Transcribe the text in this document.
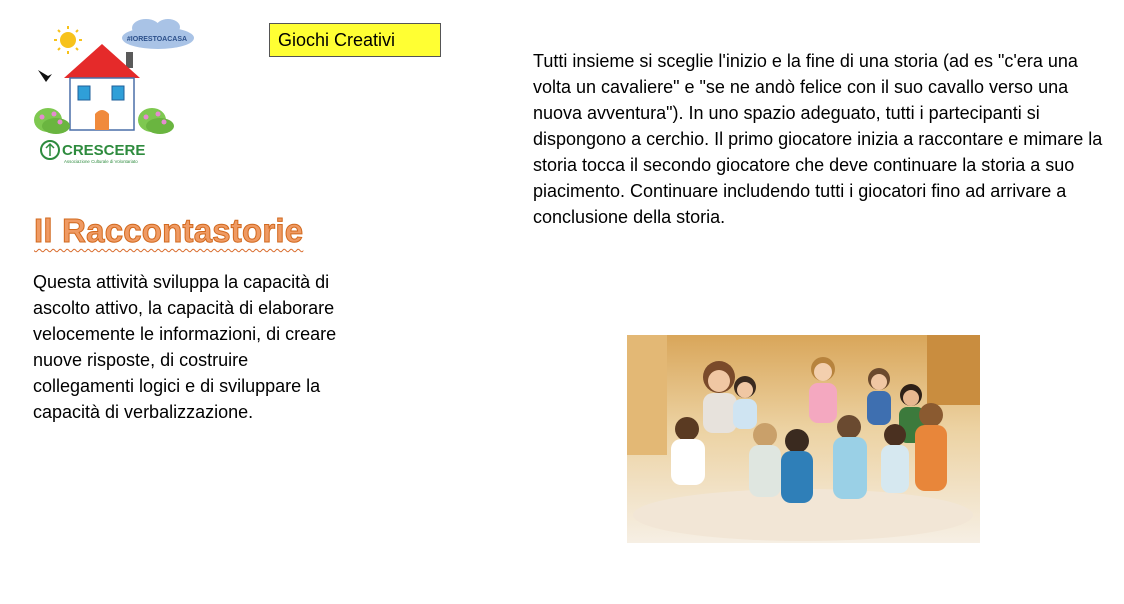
#IORESTOACASA
CRESCERE
Associazione Culturale di Volontariato
Giochi Creativi
Il Raccontastorie
Questa attività sviluppa la capacità di ascolto attivo, la capacità di elaborare velocemente le informazioni, di creare nuove risposte, di costruire collegamenti logici e di sviluppare la capacità di verbalizzazione.
Tutti insieme si sceglie l'inizio e la fine di una storia (ad es "c'era una volta un cavaliere" e "se ne andò felice con il suo cavallo verso una nuova avventura"). In uno spazio adeguato, tutti i partecipanti si dispongono a cerchio. Il primo giocatore inizia a raccontare e mimare la storia tocca il secondo giocatore che deve continuare la storia a suo piacimento. Continuare includendo tutti i giocatori fino ad arrivare a conclusione della storia.
